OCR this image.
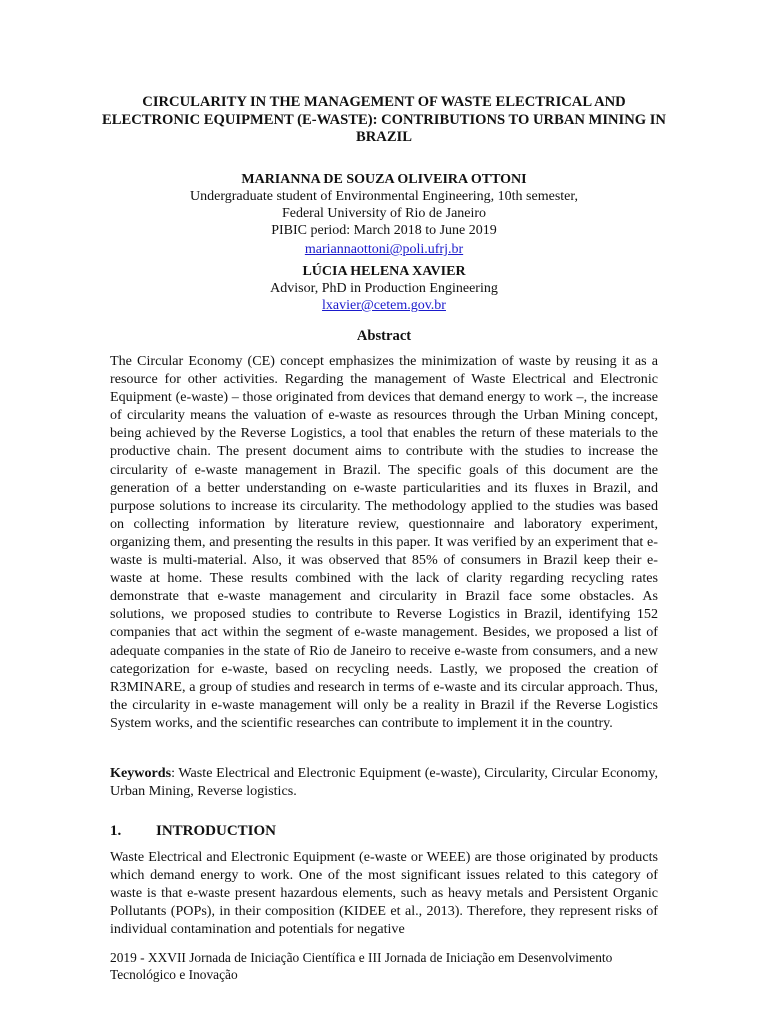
CIRCULARITY IN THE MANAGEMENT OF WASTE ELECTRICAL AND ELECTRONIC EQUIPMENT (E-WASTE): CONTRIBUTIONS TO URBAN MINING IN BRAZIL
MARIANNA DE SOUZA OLIVEIRA OTTONI
Undergraduate student of Environmental Engineering, 10th semester,
Federal University of Rio de Janeiro
PIBIC period: March 2018 to June 2019
mariannaottoni@poli.ufrj.br
LÚCIA HELENA XAVIER
Advisor, PhD in Production Engineering
lxavier@cetem.gov.br
Abstract

The Circular Economy (CE) concept emphasizes the minimization of waste by reusing it as a resource for other activities. Regarding the management of Waste Electrical and Electronic Equipment (e-waste) – those originated from devices that demand energy to work –, the increase of circularity means the valuation of e-waste as resources through the Urban Mining concept, being achieved by the Reverse Logistics, a tool that enables the return of these materials to the productive chain. The present document aims to contribute with the studies to increase the circularity of e-waste management in Brazil. The specific goals of this document are the generation of a better understanding on e-waste particularities and its fluxes in Brazil, and purpose solutions to increase its circularity. The methodology applied to the studies was based on collecting information by literature review, questionnaire and laboratory experiment, organizing them, and presenting the results in this paper. It was verified by an experiment that e-waste is multi-material. Also, it was observed that 85% of consumers in Brazil keep their e-waste at home. These results combined with the lack of clarity regarding recycling rates demonstrate that e-waste management and circularity in Brazil face some obstacles. As solutions, we proposed studies to contribute to Reverse Logistics in Brazil, identifying 152 companies that act within the segment of e-waste management. Besides, we proposed a list of adequate companies in the state of Rio de Janeiro to receive e-waste from consumers, and a new categorization for e-waste, based on recycling needs. Lastly, we proposed the creation of R3MINARE, a group of studies and research in terms of e-waste and its circular approach. Thus, the circularity in e-waste management will only be a reality in Brazil if the Reverse Logistics System works, and the scientific researches can contribute to implement it in the country.

Keywords: Waste Electrical and Electronic Equipment (e-waste), Circularity, Circular Economy, Urban Mining, Reverse logistics.

1. INTRODUCTION

Waste Electrical and Electronic Equipment (e-waste or WEEE) are those originated by products which demand energy to work. One of the most significant issues related to this category of waste is that e-waste present hazardous elements, such as heavy metals and Persistent Organic Pollutants (POPs), in their composition (KIDEE et al., 2013). Therefore, they represent risks of individual contamination and potentials for negative

2019 - XXVII Jornada de Iniciação Científica e III Jornada de Iniciação em Desenvolvimento
Tecnológico e Inovação
